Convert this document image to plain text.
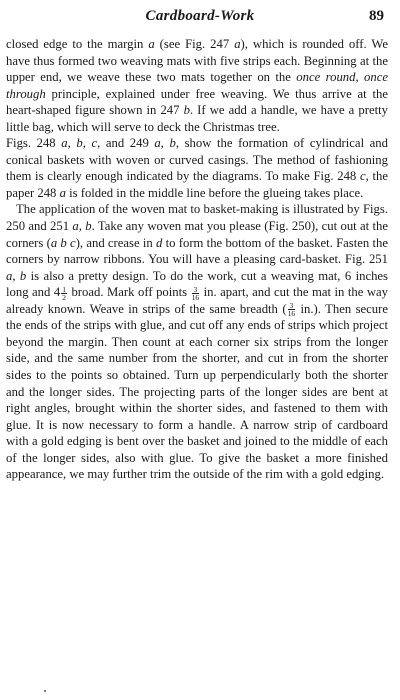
Cardboard-Work	89

closed edge to the margin a (see Fig. 247 a), which is rounded off. We have thus formed two weaving mats with five strips each. Beginning at the upper end, we weave these two mats together on the once round, once through principle, explained under free weaving. We thus arrive at the heart-shaped figure shown in 247 b. If we add a handle, we have a pretty little bag, which will serve to deck the Christmas tree.

Figs. 248 a, b, c, and 249 a, b, show the formation of cylindrical and conical baskets with woven or curved casings. The method of fashioning them is clearly enough indicated by the diagrams. To make Fig. 248 c, the paper 248 a is folded in the middle line before the glueing takes place.

The application of the woven mat to basket-making is illustrated by Figs. 250 and 251 a, b. Take any woven mat you please (Fig. 250), cut out at the corners (a b c), and crease in d to form the bottom of the basket. Fasten the corners by narrow ribbons. You will have a pleasing card-basket. Fig. 251 a, b is also a pretty design. To do the work, cut a weaving mat, 6 inches long and $4 \frac{1}{2}$ broad. Mark off points $\frac{3}{16}$ in. apart, and cut the mat in the way already known. Weave in strips of the same breadth ( $\frac{3}{16} in$.). Then secure the ends of the strips with glue, and cut off any ends of strips which project beyond the margin. Then count at each corner six strips from the longer side, and the same number from the shorter, and cut in from the shorter sides to the points so obtained. Turn up perpendicularly both the shorter and the longer sides. The projecting parts of the longer sides are bent at right angles, brought within the shorter sides, and fastened to them with glue. It is now necessary to form a handle. A narrow strip of cardboard with a gold edging is bent over the basket and joined to the middle of each of the longer sides, also with glue. To give the basket a more finished appearance, we may further trim the outside of the rim with a gold edging.
